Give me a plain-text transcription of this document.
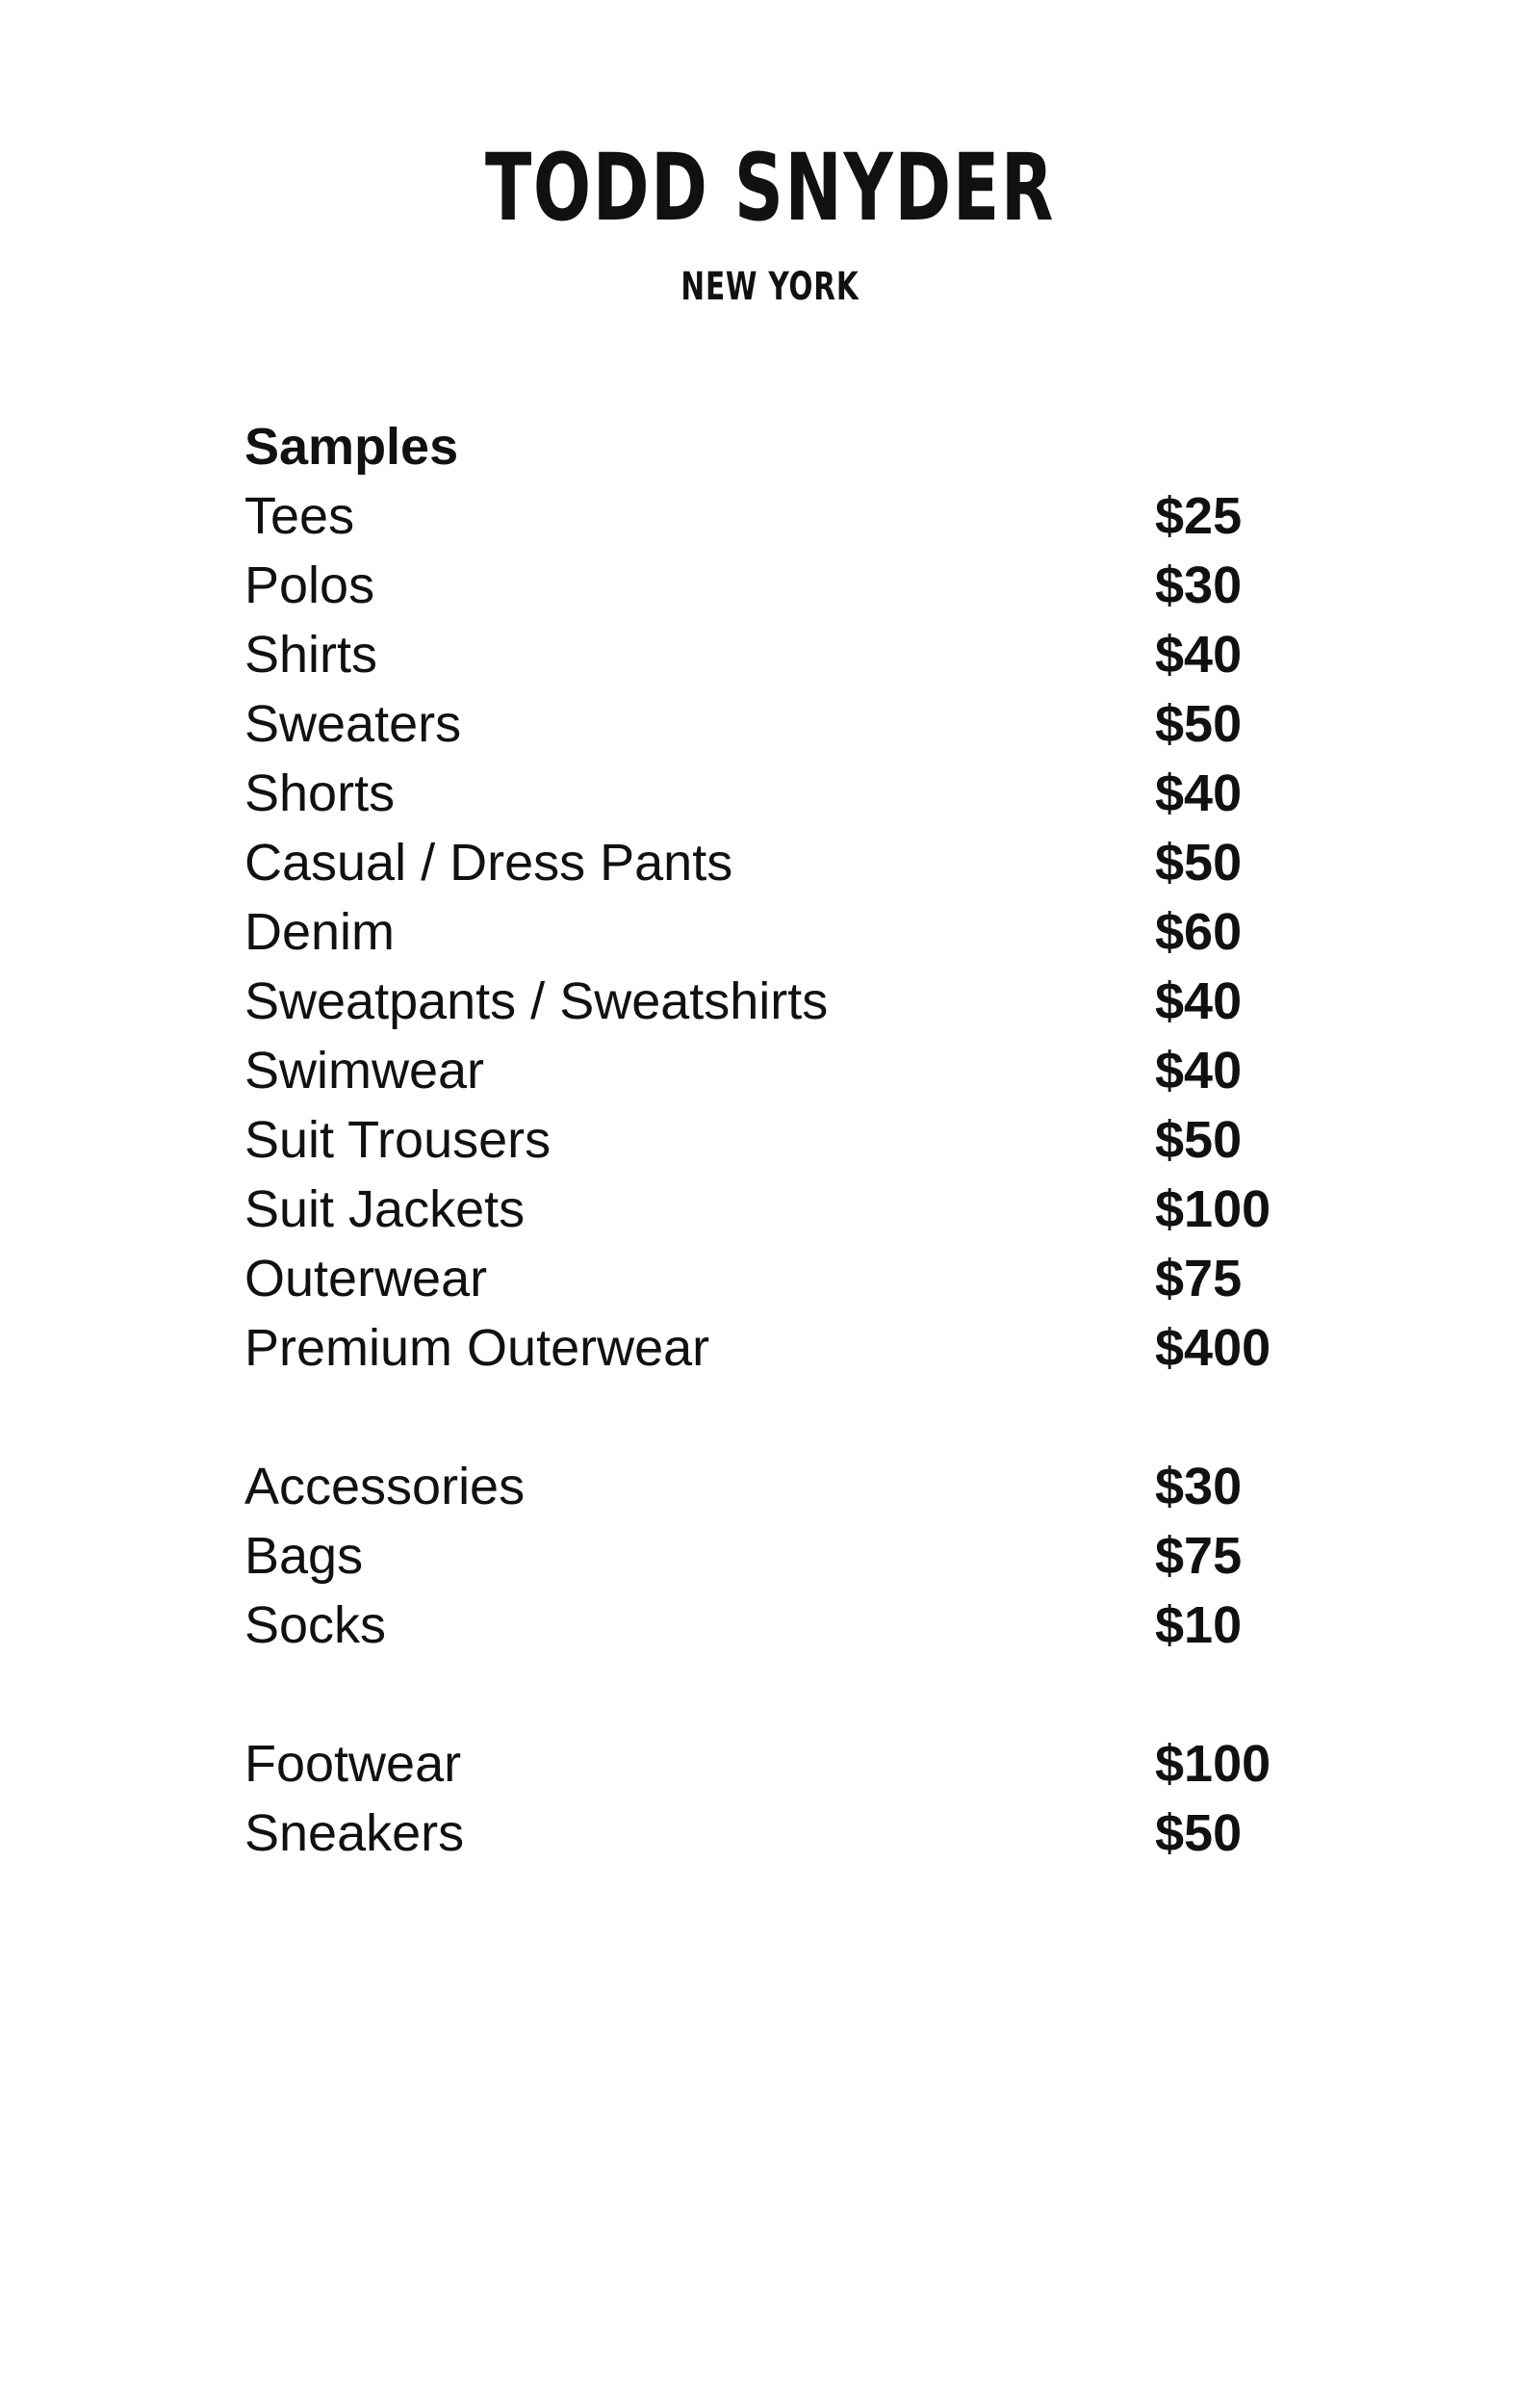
TODD SNYDER
NEW YORK
Samples
Tees	$25
Polos	$30
Shirts	$40
Sweaters	$50
Shorts	$40
Casual / Dress Pants	$50
Denim	$60
Sweatpants / Sweatshirts	$40
Swimwear	$40
Suit Trousers	$50
Suit Jackets	$100
Outerwear	$75
Premium Outerwear	$400
Accessories	$30
Bags	$75
Socks	$10
Footwear	$100
Sneakers	$50
